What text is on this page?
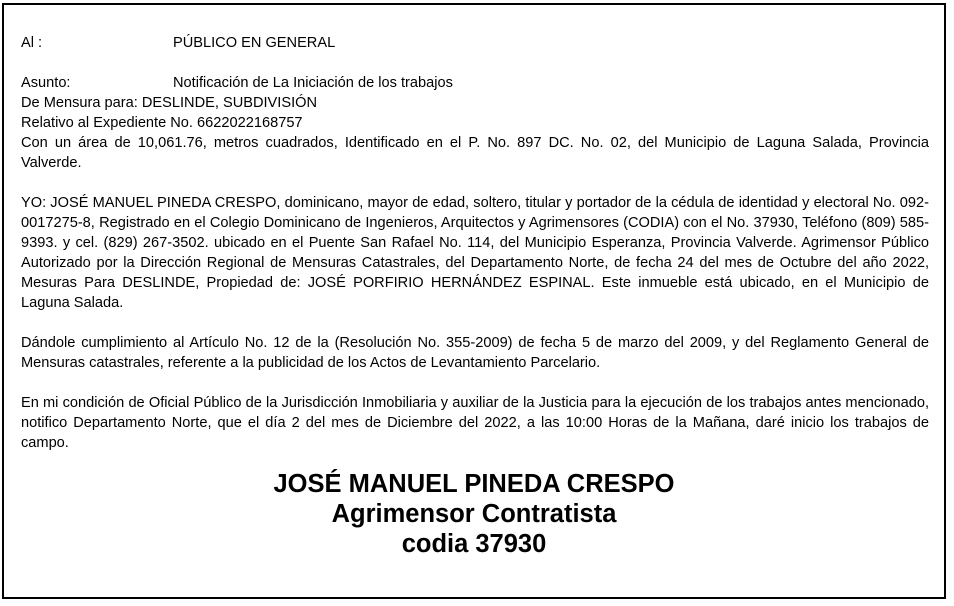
Al :	PÚBLICO EN GENERAL
Asunto:	Notificación de La Iniciación de los trabajos
De Mensura para: DESLINDE, SUBDIVISIÓN
Relativo al Expediente No. 6622022168757

Con un área de 10,061.76, metros cuadrados, Identificado en el P. No. 897 DC. No. 02, del Municipio de Laguna Salada, Provincia Valverde.

YO: JOSÉ MANUEL PINEDA CRESPO, dominicano, mayor de edad, soltero, titular y portador de la cédula de identidad y electoral No. 092-0017275-8, Registrado en el Colegio Dominicano de Ingenieros, Arquitectos y Agrimensores (CODIA) con el No. 37930, Teléfono (809) 585-9393. y cel. (829) 267-3502. ubicado en el Puente San Rafael No. 114, del Municipio Esperanza, Provincia Valverde. Agrimensor Público Autorizado por la Dirección Regional de Mensuras Catastrales, del Departamento Norte, de fecha 24 del mes de Octubre del año 2022, Mesuras Para DESLINDE, Propiedad de: JOSÉ PORFIRIO HERNÁNDEZ ESPINAL. Este inmueble está ubicado, en el Municipio de Laguna Salada.

Dándole cumplimiento al Artículo No. 12 de la (Resolución No. 355-2009) de fecha 5 de marzo del 2009, y del Reglamento General de Mensuras catastrales, referente a la publicidad de los Actos de Levantamiento Parcelario.

En mi condición de Oficial Público de la Jurisdicción Inmobiliaria y auxiliar de la Justicia para la ejecución de los trabajos antes mencionado, notifico Departamento Norte, que el día 2 del mes de Diciembre del 2022, a las 10:00 Horas de la Mañana, daré inicio los trabajos de campo.

JOSÉ MANUEL PINEDA CRESPO
Agrimensor Contratista
codia 37930
